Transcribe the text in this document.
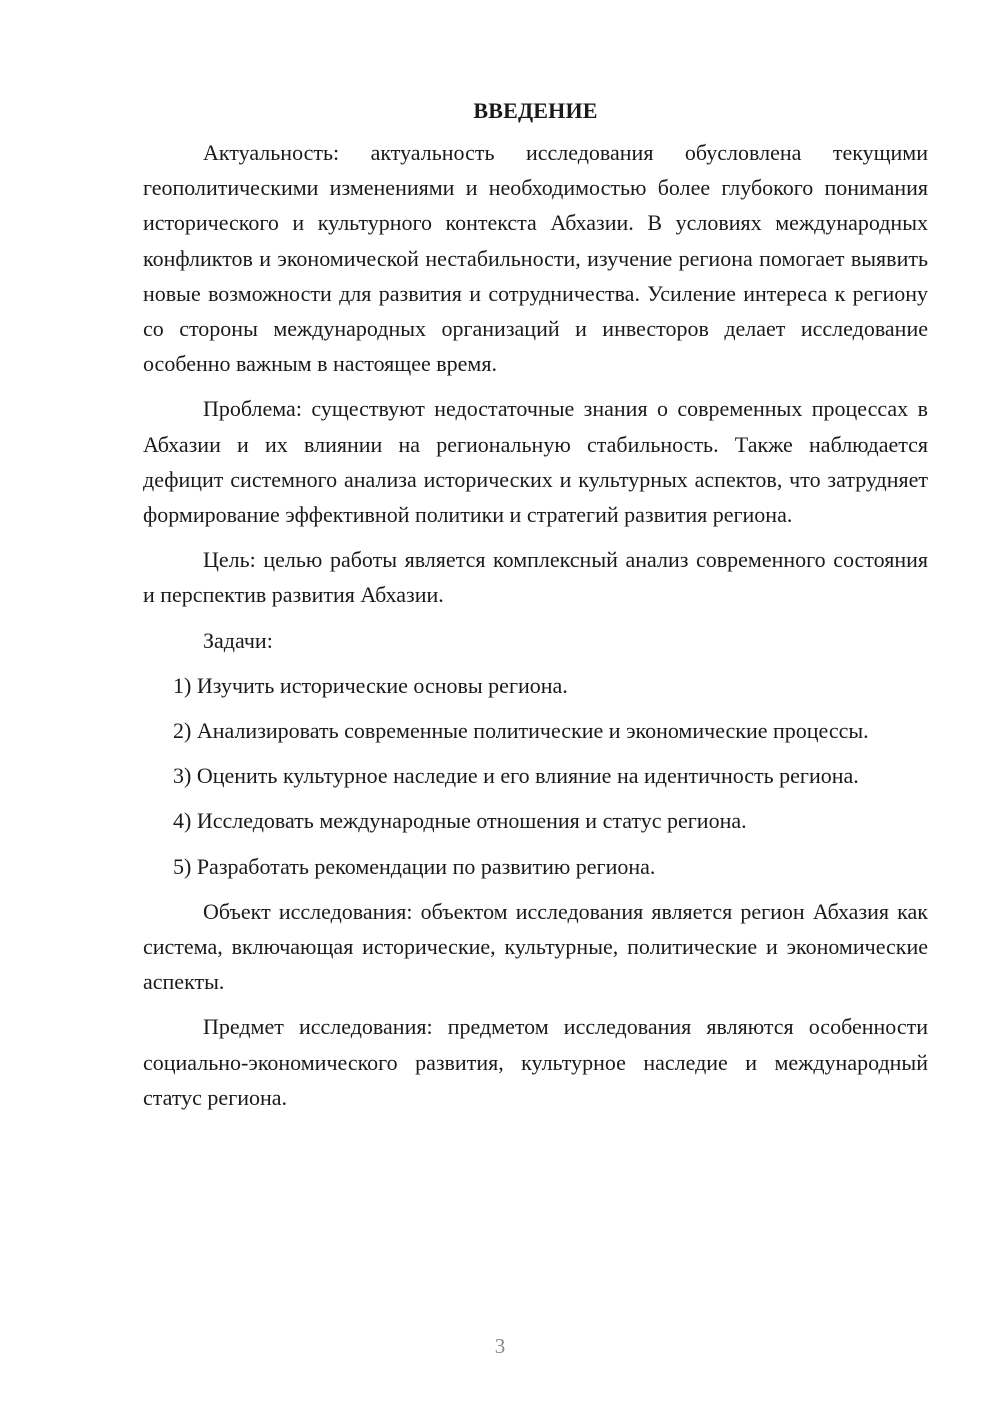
ВВЕДЕНИЕ

Актуальность: актуальность исследования обусловлена текущими геополитическими изменениями и необходимостью более глубокого понимания исторического и культурного контекста Абхазии. В условиях международных конфликтов и экономической нестабильности, изучение региона помогает выявить новые возможности для развития и сотрудничества. Усиление интереса к региону со стороны международных организаций и инвесторов делает исследование особенно важным в настоящее время.

Проблема: существуют недостаточные знания о современных процессах в Абхазии и их влиянии на региональную стабильность. Также наблюдается дефицит системного анализа исторических и культурных аспектов, что затрудняет формирование эффективной политики и стратегий развития региона.

Цель: целью работы является комплексный анализ современного состояния и перспектив развития Абхазии.

Задачи:

1) Изучить исторические основы региона.

2) Анализировать современные политические и экономические процессы.

3) Оценить культурное наследие и его влияние на идентичность региона.

4) Исследовать международные отношения и статус региона.

5) Разработать рекомендации по развитию региона.

Объект исследования: объектом исследования является регион Абхазия как система, включающая исторические, культурные, политические и экономические аспекты.

Предмет исследования: предметом исследования являются особенности социально-экономического развития, культурное наследие и международный статус региона.

3
